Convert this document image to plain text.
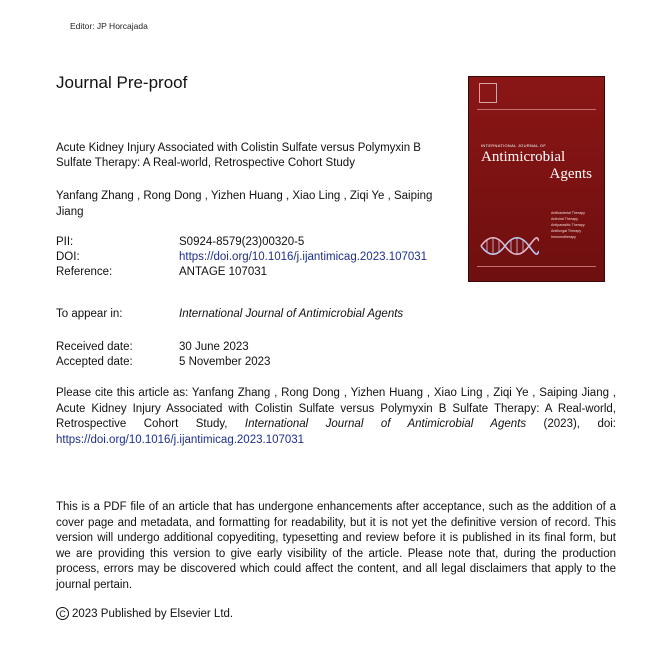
Editor: JP Horcajada
Journal Pre-proof
Acute Kidney Injury Associated with Colistin Sulfate versus Polymyxin B Sulfate Therapy: A Real-world, Retrospective Cohort Study
Yanfang Zhang , Rong Dong , Yizhen Huang , Xiao Ling , Ziqi Ye , Saiping Jiang
PII:	S0924-8579(23)00320-5
DOI:	https://doi.org/10.1016/j.ijantimicag.2023.107031
Reference:	ANTAGE 107031
To appear in:	International Journal of Antimicrobial Agents
Received date:	30 June 2023
Accepted date:	5 November 2023
Please cite this article as: Yanfang Zhang , Rong Dong , Yizhen Huang , Xiao Ling , Ziqi Ye , Saiping Jiang , Acute Kidney Injury Associated with Colistin Sulfate versus Polymyxin B Sulfate Therapy: A Real-world, Retrospective Cohort Study, International Journal of Antimicrobial Agents (2023), doi: https://doi.org/10.1016/j.ijantimicag.2023.107031
This is a PDF file of an article that has undergone enhancements after acceptance, such as the addition of a cover page and metadata, and formatting for readability, but it is not yet the definitive version of record. This version will undergo additional copyediting, typesetting and review before it is published in its final form, but we are providing this version to give early visibility of the article. Please note that, during the production process, errors may be discovered which could affect the content, and all legal disclaimers that apply to the journal pertain.
C 2023 Published by Elsevier Ltd.
INTERNATIONAL JOURNAL OF
Antimicrobial
Agents
Antibacterial Therapy
Antiviral Therapy
Antiparasitic Therapy
Antifungal Therapy
Immunotherapy
